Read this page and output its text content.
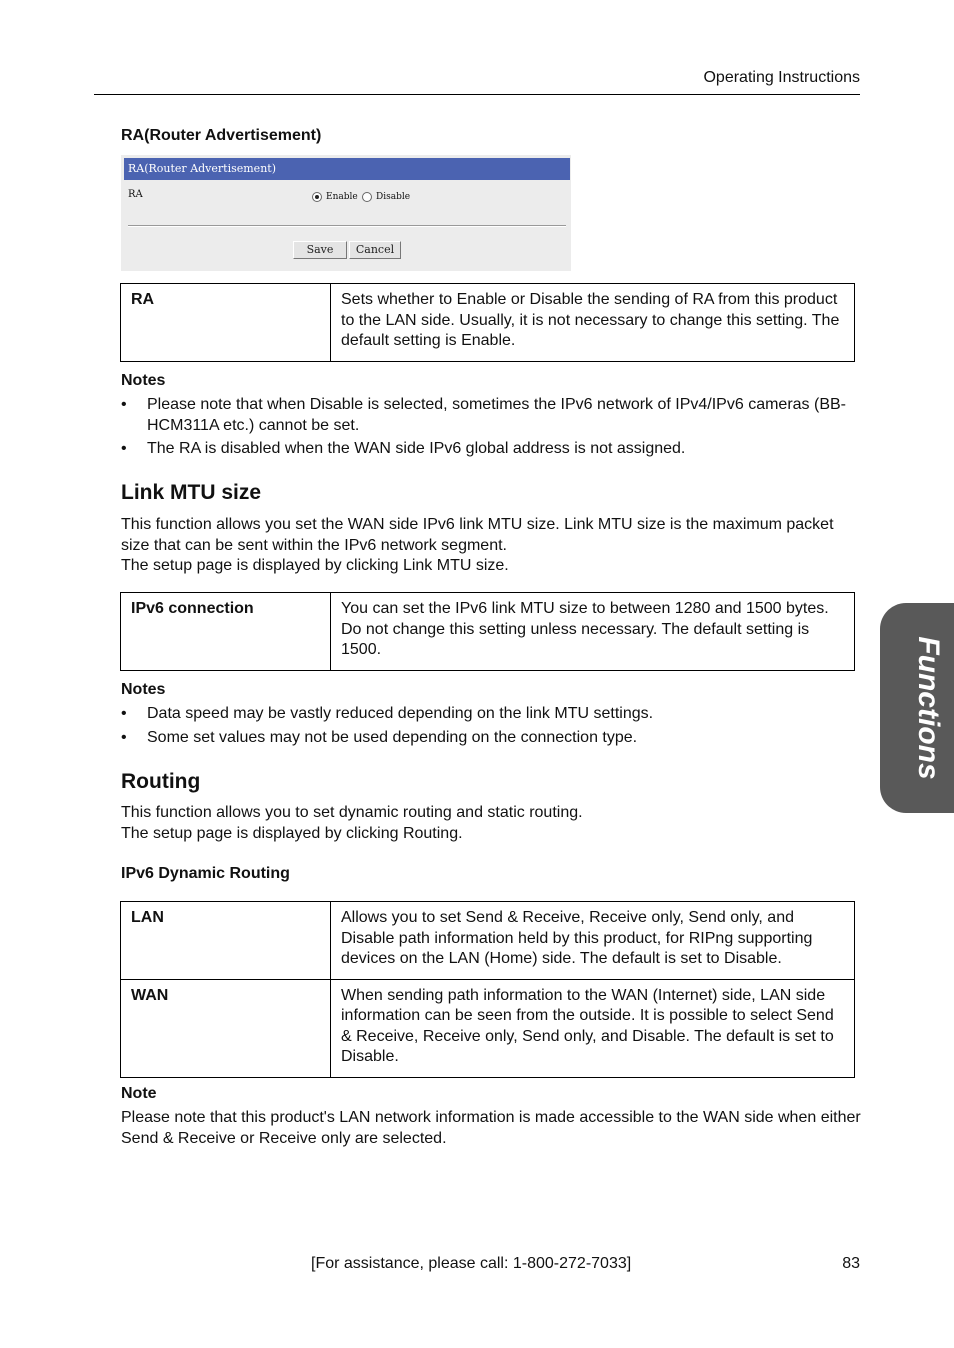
Operating Instructions
RA(Router Advertisement)
RA(Router Advertisement)
RA	Enable Disable
Save	Cancel
RA	Sets whether to Enable or Disable the sending of RA from this product to the LAN side. Usually, it is not necessary to change this setting. The default setting is Enable.
Notes
• Please note that when Disable is selected, sometimes the IPv6 network of IPv4/IPv6 cameras (BB-HCM311A etc.) cannot be set.
• The RA is disabled when the WAN side IPv6 global address is not assigned.
Link MTU size
This function allows you set the WAN side IPv6 link MTU size. Link MTU size is the maximum packet size that can be sent within the IPv6 network segment.
The setup page is displayed by clicking Link MTU size.
IPv6 connection	You can set the IPv6 link MTU size to between 1280 and 1500 bytes. Do not change this setting unless necessary. The default setting is 1500.
Notes
• Data speed may be vastly reduced depending on the link MTU settings.
• Some set values may not be used depending on the connection type.
Routing
This function allows you to set dynamic routing and static routing.
The setup page is displayed by clicking Routing.
IPv6 Dynamic Routing
LAN	Allows you to set Send & Receive, Receive only, Send only, and Disable path information held by this product, for RIPng supporting devices on the LAN (Home) side. The default is set to Disable.
WAN	When sending path information to the WAN (Internet) side, LAN side information can be seen from the outside. It is possible to select Send & Receive, Receive only, Send only, and Disable. The default is set to Disable.
Note
Please note that this product's LAN network information is made accessible to the WAN side when either Send & Receive or Receive only are selected.
Functions
[For assistance, please call: 1-800-272-7033]	83
